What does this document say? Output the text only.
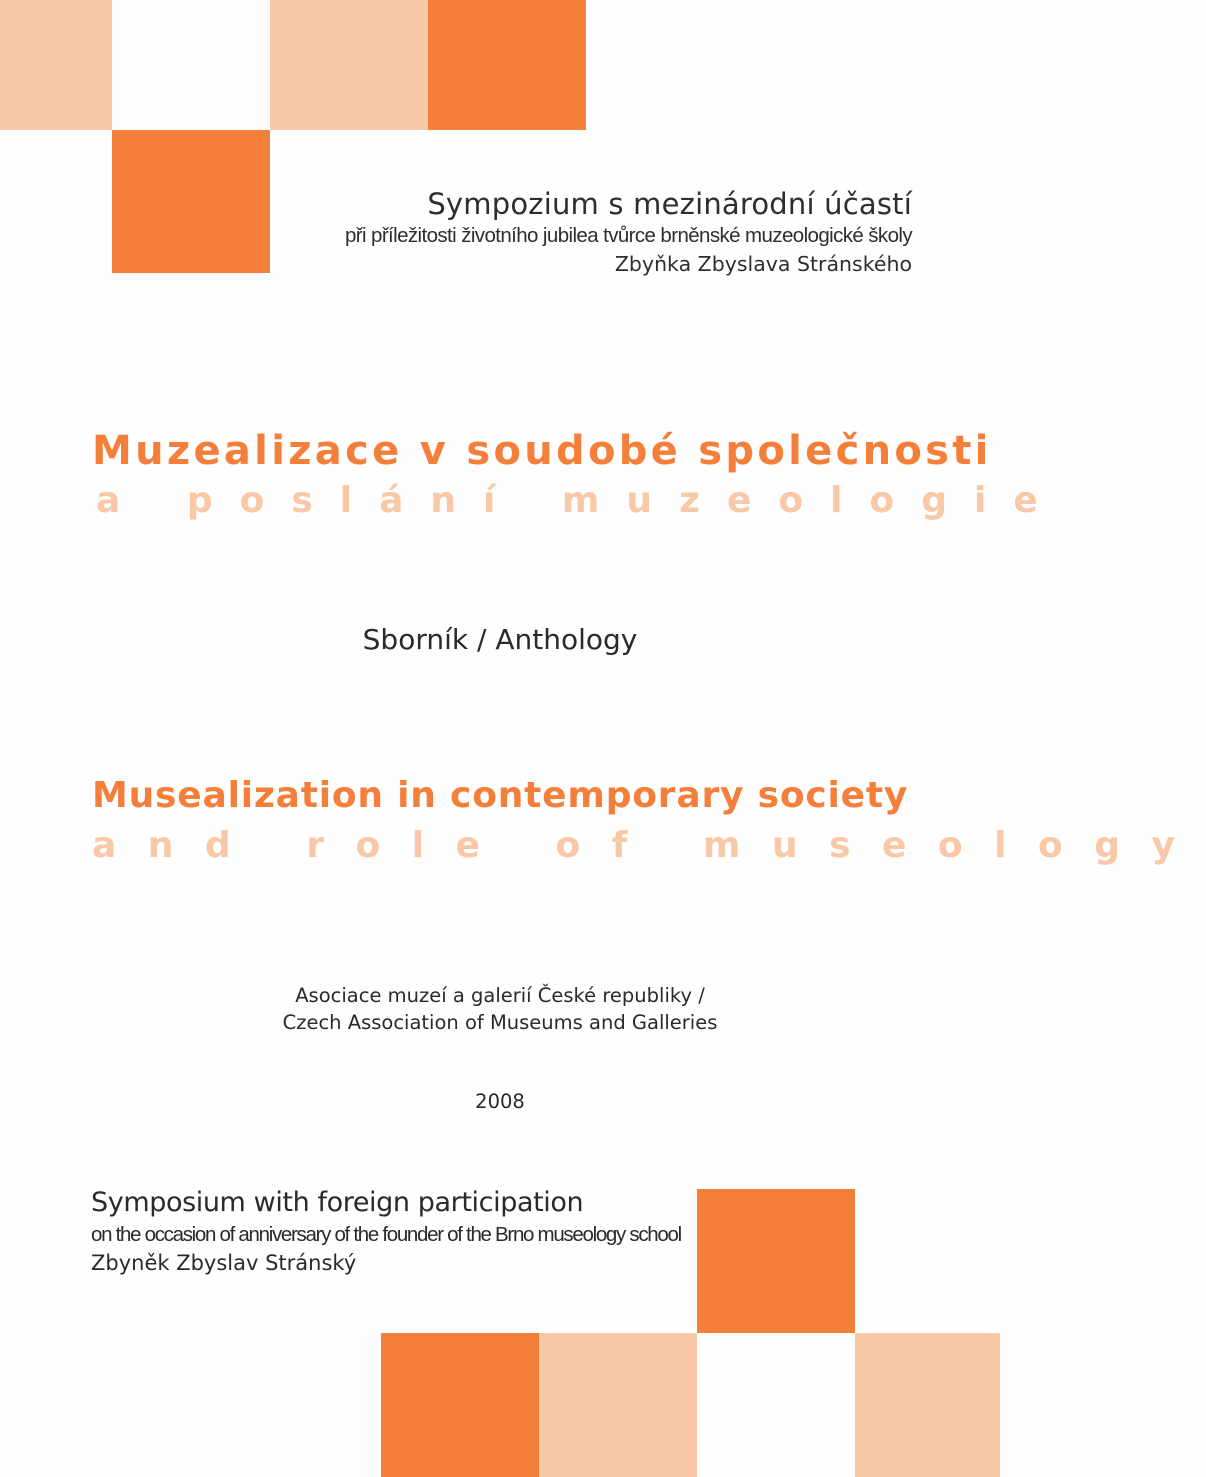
Sympozium s mezinárodní účastí
při příležitosti životního jubilea tvůrce brněnské muzeologické školy
Zbyňka Zbyslava Stránského
Muzealizace v soudobé společnosti
a poslání muzeologie
Sborník / Anthology
Musealization in contemporary society
and role of museology
Asociace muzeí a galerií České republiky /
Czech Association of Museums and Galleries
2008
Symposium with foreign participation
on the occasion of anniversary of the founder of the Brno museology school
Zbyněk Zbyslav Stránský
